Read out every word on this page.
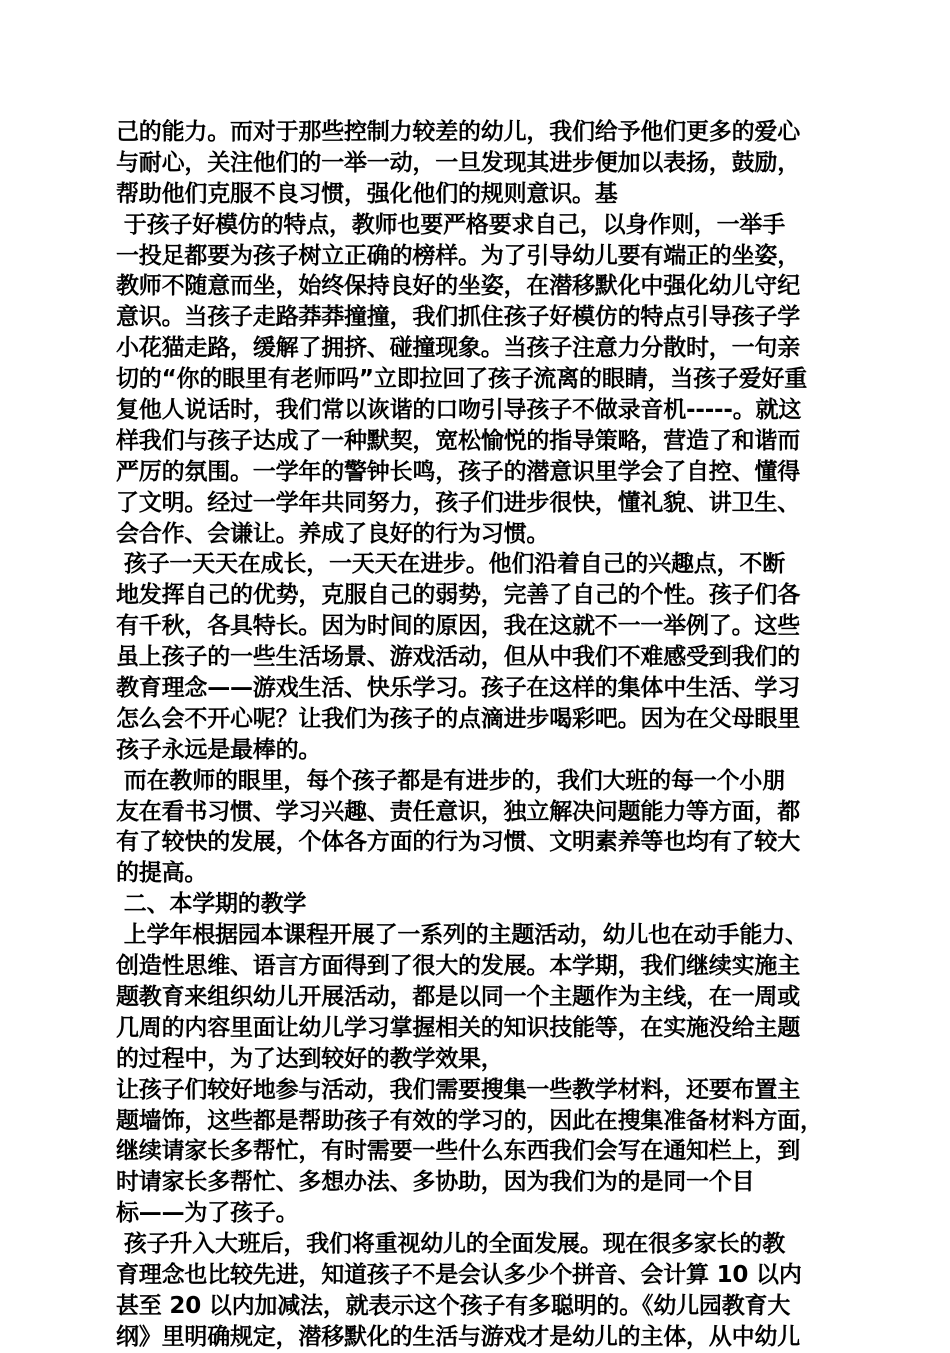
己的能力。而对于那些控制力较差的幼儿，我们给予他们更多的爱心
与耐心，关注他们的一举一动，一旦发现其进步便加以表扬，鼓励，
帮助他们克服不良习惯，强化他们的规则意识。基
于孩子好模仿的特点，教师也要严格要求自己，以身作则，一举手
一投足都要为孩子树立正确的榜样。为了引导幼儿要有端正的坐姿，
教师不随意而坐，始终保持良好的坐姿，在潜移默化中强化幼儿守纪
意识。当孩子走路莽莽撞撞，我们抓住孩子好模仿的特点引导孩子学
小花猫走路，缓解了拥挤、碰撞现象。当孩子注意力分散时，一句亲
切的“你的眼里有老师吗”立即拉回了孩子流离的眼睛，当孩子爱好重
复他人说话时，我们常以诙谐的口吻引导孩子不做录音机-----。就这
样我们与孩子达成了一种默契，宽松愉悦的指导策略，营造了和谐而
严厉的氛围。一学年的警钟长鸣，孩子的潜意识里学会了自控、懂得
了文明。经过一学年共同努力，孩子们进步很快，懂礼貌、讲卫生、
会合作、会谦让。养成了良好的行为习惯。
孩子一天天在成长，一天天在进步。他们沿着自己的兴趣点，不断
地发挥自己的优势，克服自己的弱势，完善了自己的个性。孩子们各
有千秋，各具特长。因为时间的原因，我在这就不一一举例了。这些
虽上孩子的一些生活场景、游戏活动，但从中我们不难感受到我们的
教育理念——游戏生活、快乐学习。孩子在这样的集体中生活、学习
怎么会不开心呢？让我们为孩子的点滴进步喝彩吧。因为在父母眼里
孩子永远是最棒的。
而在教师的眼里，每个孩子都是有进步的，我们大班的每一个小朋
友在看书习惯、学习兴趣、责任意识，独立解决问题能力等方面，都
有了较快的发展，个体各方面的行为习惯、文明素养等也均有了较大
的提高。
二、本学期的教学
上学年根据园本课程开展了一系列的主题活动，幼儿也在动手能力、
创造性思维、语言方面得到了很大的发展。本学期，我们继续实施主
题教育来组织幼儿开展活动，都是以同一个主题作为主线，在一周或
几周的内容里面让幼儿学习掌握相关的知识技能等，在实施没给主题
的过程中，为了达到较好的教学效果，
让孩子们较好地参与活动，我们需要搜集一些教学材料，还要布置主
题墙饰，这些都是帮助孩子有效的学习的，因此在搜集准备材料方面，
继续请家长多帮忙，有时需要一些什么东西我们会写在通知栏上，到
时请家长多帮忙、多想办法、多协助，因为我们为的是同一个目
标——为了孩子。
孩子升入大班后，我们将重视幼儿的全面发展。现在很多家长的教
育理念也比较先进，知道孩子不是会认多少个拼音、会计算 10 以内
甚至 20 以内加减法，就表示这个孩子有多聪明的。《幼儿园教育大
纲》里明确规定，潜移默化的生活与游戏才是幼儿的主体，从中幼儿
